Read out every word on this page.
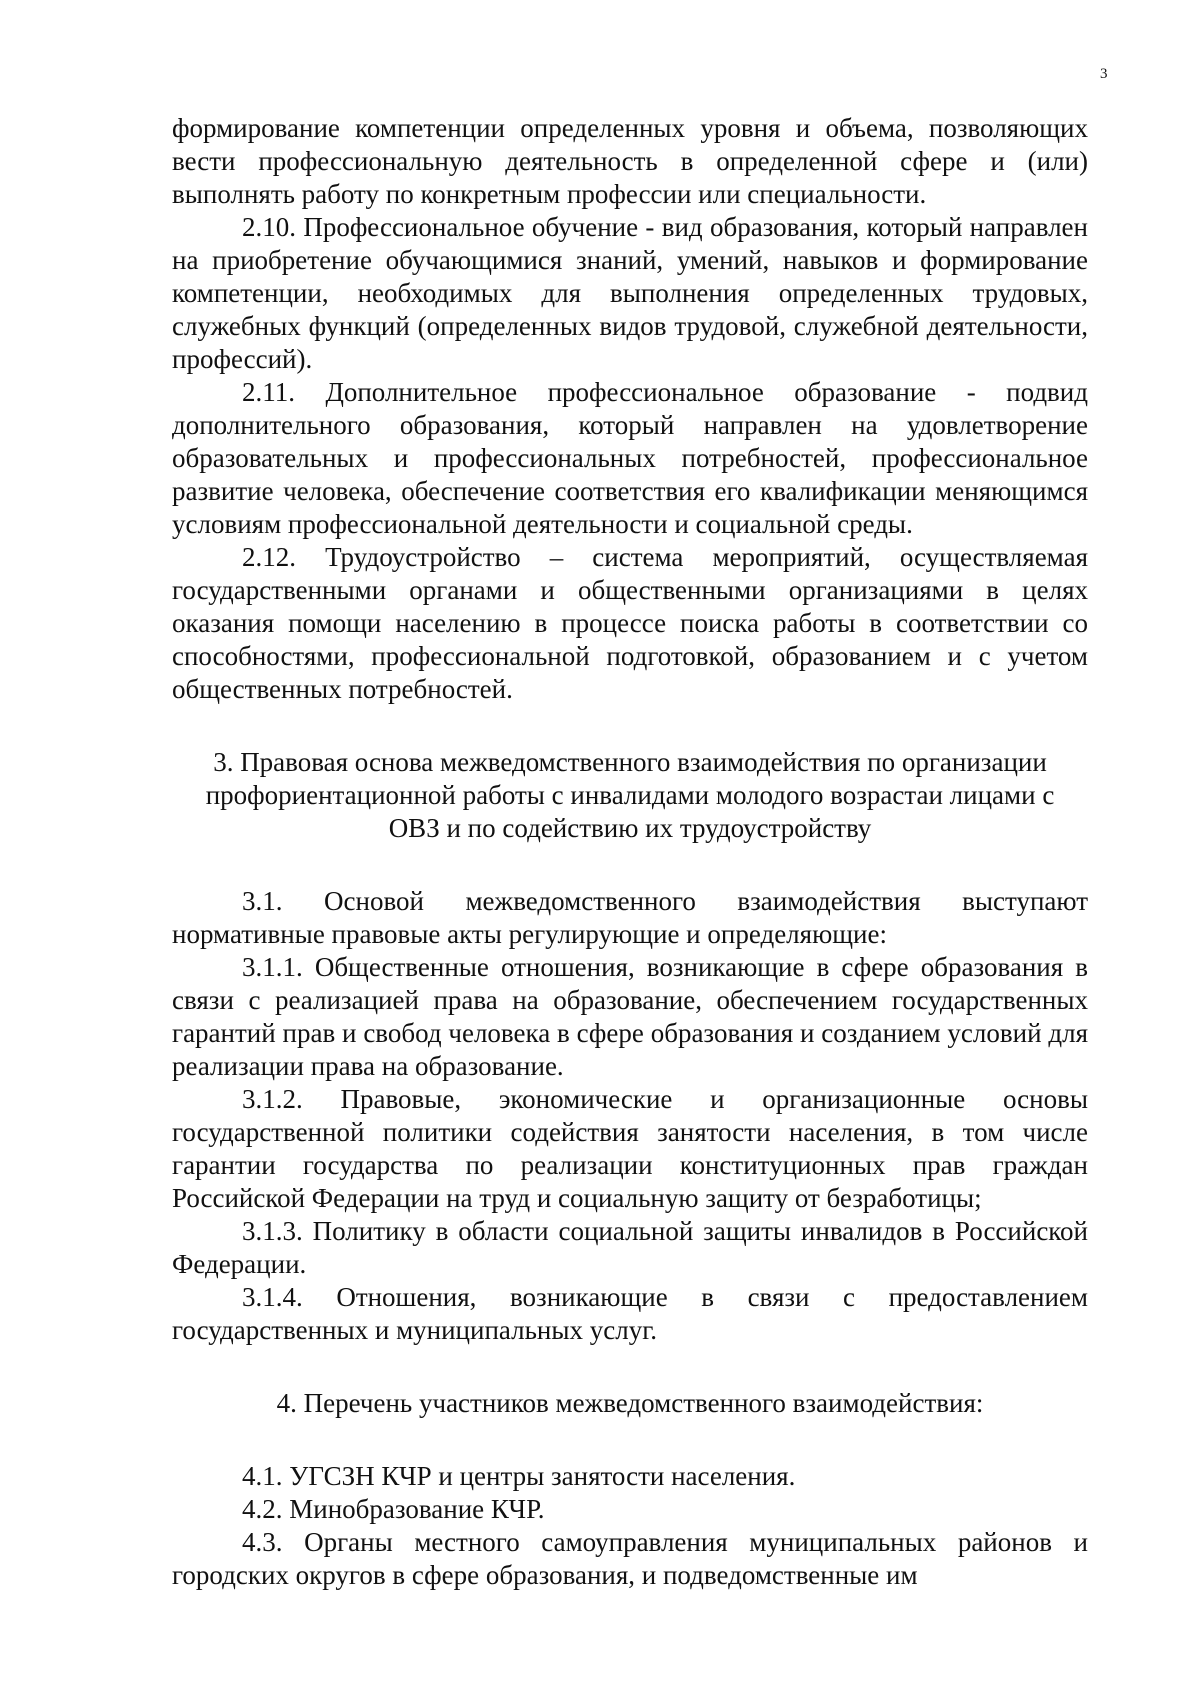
3

формирование компетенции определенных уровня и объема, позволяющих вести профессиональную деятельность в определенной сфере и (или) выполнять работу по конкретным профессии или специальности.

2.10. Профессиональное обучение - вид образования, который направлен на приобретение обучающимися знаний, умений, навыков и формирование компетенции, необходимых для выполнения определенных трудовых, служебных функций (определенных видов трудовой, служебной деятельности, профессий).

2.11. Дополнительное профессиональное образование - подвид дополнительного образования, который направлен на удовлетворение образовательных и профессиональных потребностей, профессиональное развитие человека, обеспечение соответствия его квалификации меняющимся условиям профессиональной деятельности и социальной среды.

2.12. Трудоустройство – система мероприятий, осуществляемая государственными органами и общественными организациями в целях оказания помощи населению в процессе поиска работы в соответствии со способностями, профессиональной подготовкой, образованием и с учетом общественных потребностей.

3. Правовая основа межведомственного взаимодействия по организации профориентационной работы с инвалидами молодого возрастаи лицами с ОВЗ и по содействию их трудоустройству

3.1. Основой межведомственного взаимодействия выступают нормативные правовые акты регулирующие и определяющие:

3.1.1. Общественные отношения, возникающие в сфере образования в связи с реализацией права на образование, обеспечением государственных гарантий прав и свобод человека в сфере образования и созданием условий для реализации права на образование.

3.1.2. Правовые, экономические и организационные основы государственной политики содействия занятости населения, в том числе гарантии государства по реализации конституционных прав граждан Российской Федерации на труд и социальную защиту от безработицы;

3.1.3. Политику в области социальной защиты инвалидов в Российской Федерации.

3.1.4. Отношения, возникающие в связи с предоставлением государственных и муниципальных услуг.

4. Перечень участников межведомственного взаимодействия:

4.1. УГСЗН КЧР и центры занятости населения.

4.2. Минобразование КЧР.

4.3. Органы местного самоуправления муниципальных районов и городских округов в сфере образования, и подведомственные им
